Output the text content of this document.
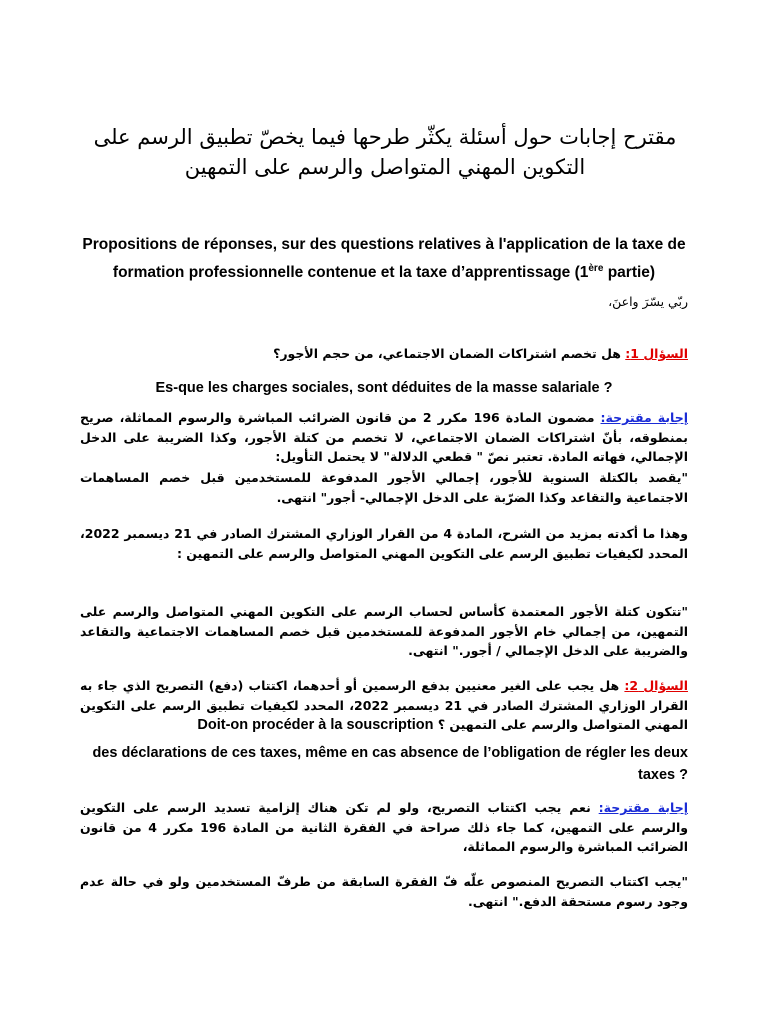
مقترح إجابات حول أسئلة يكثّر طرحها فيما يخصّ تطبيق الرسم على التكوين المهني المتواصل والرسم على التمهين
Propositions de réponses, sur des questions relatives à l'application de la taxe de formation professionnelle contenue et la taxe d’apprentissage (1ère partie)
ربّي يسّرَ واعنَ،
السؤال 1: هل تخصم اشتراكات الضمان الاجتماعي، من حجم الأجور؟
Es-que les charges sociales, sont déduites de la masse salariale ?
إجابة مقترحة: مضمون المادة 196 مكرر 2 من قانون الضرائب المباشرة والرسوم المماثلة، صريح بمنطوقه، بأنّ اشتراكات الضمان الاجتماعي، لا تخصم من كتلة الأجور، وكذا الضريبة على الدخل الإجمالي، فهاته المادة. تعتبر نصّ " قطعي الدلالة" لا يحتمل التأويل:
"يقصد بالكتلة السنوية للأجور، إجمالي الأجور المدفوعة للمستخدمين قبل خصم المساهمات الاجتماعية والتقاعد وكذا الضرّبة على الدخل الإجمالي- أجور" انتهى.
وهذا ما أكدته بمزيد من الشرح، المادة 4 من القرار الوزاري المشترك الصادر في 21 ديسمبر 2022، المحدد لكيفيات تطبيق الرسم على التكوين المهني المتواصل والرسم على التمهين :
"تتكون كتلة الأجور المعتمدة كأساس لحساب الرسم على التكوين المهني المتواصل والرسم على التمهين، من إجمالي خام الأجور المدفوعة للمستخدمين قبل خصم المساهمات الاجتماعية والتقاعد والضريبة على الدخل الإجمالي / أجور." انتهى.
السؤال 2: هل يجب على الغير معنيين بدفع الرسمين أو أحدهما، اكتتاب (دفع) التصريح الذي جاء به القرار الوزاري المشترك الصادر في 21 ديسمبر 2022، المحدد لكيفيات تطبيق الرسم على التكوين المهني المتواصل والرسم على التمهين ؟ Doit-on procéder à la souscription
des déclarations de ces taxes, même en cas absence de l’obligation de régler les deux taxes ?
إجابة مقترحة: نعم يجب اكتتاب التصريح، ولو لم تكن هناك إلزامية تسديد الرسم على التكوين والرسم على التمهين، كما جاء ذلك صراحة في الفقرة الثانية من المادة 196 مكرر 4 من قانون الضرائب المباشرة والرسوم المماثلة،
"يجب اكتتاب التصريح المنصوص علّه فّ الفقرة السابقة من طرفّ المستخدمين ولو في حالة عدم وجود رسوم مستحقة الدفع." انتهى.
